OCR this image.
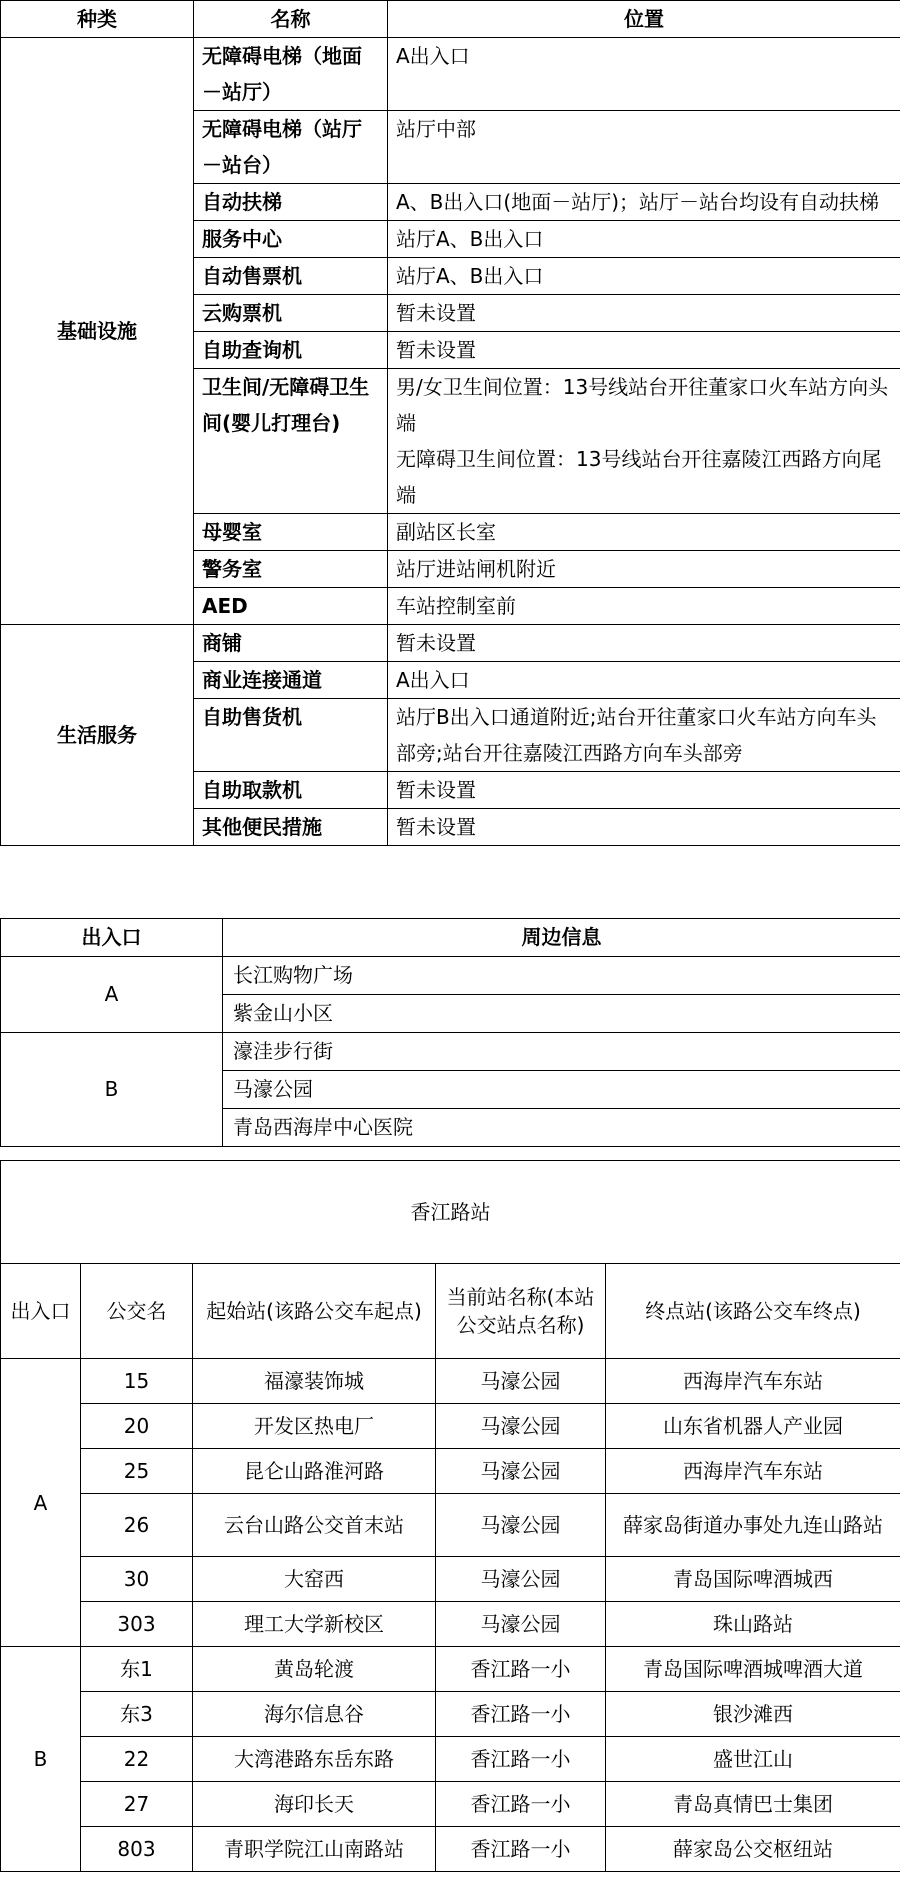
种类	名称	位置
基础设施	无障碍电梯（地面－站厅）	A出入口
	无障碍电梯（站厅－站台）	站厅中部
	自动扶梯	A、B出入口(地面－站厅)；站厅－站台均设有自动扶梯
	服务中心	站厅A、B出入口
	自动售票机	站厅A、B出入口
	云购票机	暂未设置
	自助查询机	暂未设置
	卫生间/无障碍卫生间(婴儿打理台)	男/女卫生间位置：13号线站台开往董家口火车站方向头端
无障碍卫生间位置：13号线站台开往嘉陵江西路方向尾端

	母婴室	副站区长室
	警务室	站厅进站闸机附近
	AED	车站控制室前
生活服务	商铺	暂未设置
	商业连接通道	A出入口
	自助售货机	站厅B出入口通道附近;站台开往董家口火车站方向车头部旁;站台开往嘉陵江西路方向车头部旁
	自助取款机	暂未设置
	其他便民措施	暂未设置
出入口	周边信息
A	长江购物广场
	紫金山小区
B	濠洼步行街
	马濠公园
	青岛西海岸中心医院
香江路站				
出入口	公交名	起始站(该路公交车起点)	当前站名称(本站公交站点名称)	终点站(该路公交车终点)
A	15	福濠装饰城	马濠公园	西海岸汽车东站
	20	开发区热电厂	马濠公园	山东省机器人产业园
	25	昆仑山路淮河路	马濠公园	西海岸汽车东站
	26	云台山路公交首末站	马濠公园	薛家岛街道办事处九连山路站
	30	大窑西	马濠公园	青岛国际啤酒城西
	303	理工大学新校区	马濠公园	珠山路站
B	东1	黄岛轮渡	香江路一小	青岛国际啤酒城啤酒大道
	东3	海尔信息谷	香江路一小	银沙滩西
	22	大湾港路东岳东路	香江路一小	盛世江山
	27	海印长天	香江路一小	青岛真情巴士集团
	803	青职学院江山南路站	香江路一小	薛家岛公交枢纽站
